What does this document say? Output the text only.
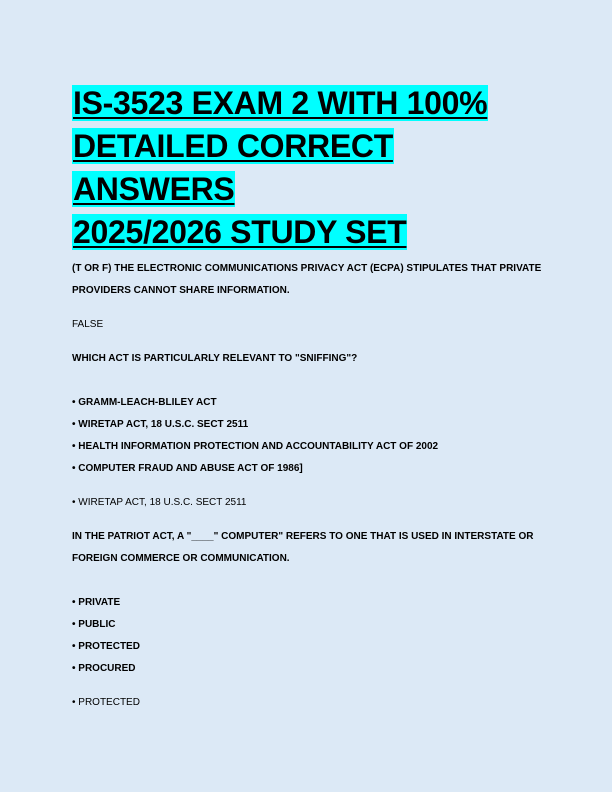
IS-3523 EXAM 2 WITH 100%
DETAILED CORRECT ANSWERS
2025/2026 STUDY SET

(T OR F) THE ELECTRONIC COMMUNICATIONS PRIVACY ACT (ECPA) STIPULATES THAT PRIVATE
PROVIDERS CANNOT SHARE INFORMATION.

FALSE

WHICH ACT IS PARTICULARLY RELEVANT TO "SNIFFING"?

• GRAMM-LEACH-BLILEY ACT
• WIRETAP ACT, 18 U.S.C. SECT 2511
• HEALTH INFORMATION PROTECTION AND ACCOUNTABILITY ACT OF 2002
• COMPUTER FRAUD AND ABUSE ACT OF 1986]

• WIRETAP ACT, 18 U.S.C. SECT 2511

IN THE PATRIOT ACT, A "____" COMPUTER" REFERS TO ONE THAT IS USED IN INTERSTATE OR
FOREIGN COMMERCE OR COMMUNICATION.

• PRIVATE
• PUBLIC
• PROTECTED
• PROCURED

• PROTECTED
